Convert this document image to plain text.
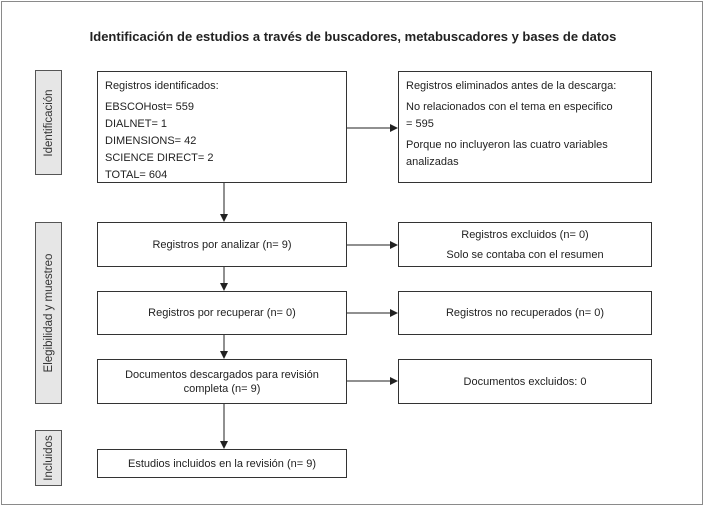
Identificación de estudios a través de buscadores, metabuscadores y bases de datos
Identificación
Elegibilidad y muestreo
Incluidos
Registros identificados:
EBSCOHost= 559
DIALNET= 1
DIMENSIONS= 42
SCIENCE DIRECT= 2
TOTAL= 604
Registros eliminados antes de la descarga:
No relacionados con el tema en especifico
= 595
Porque no incluyeron las cuatro variables
analizadas
Registros por analizar (n= 9)
Registros excluidos (n= 0)
Solo se contaba con el resumen
Registros por recuperar (n= 0)	Registros no recuperados (n= 0)
Documentos descargados para revisión
completa (n= 9)
Documentos excluidos: 0
Estudios incluidos en la revisión (n= 9)
